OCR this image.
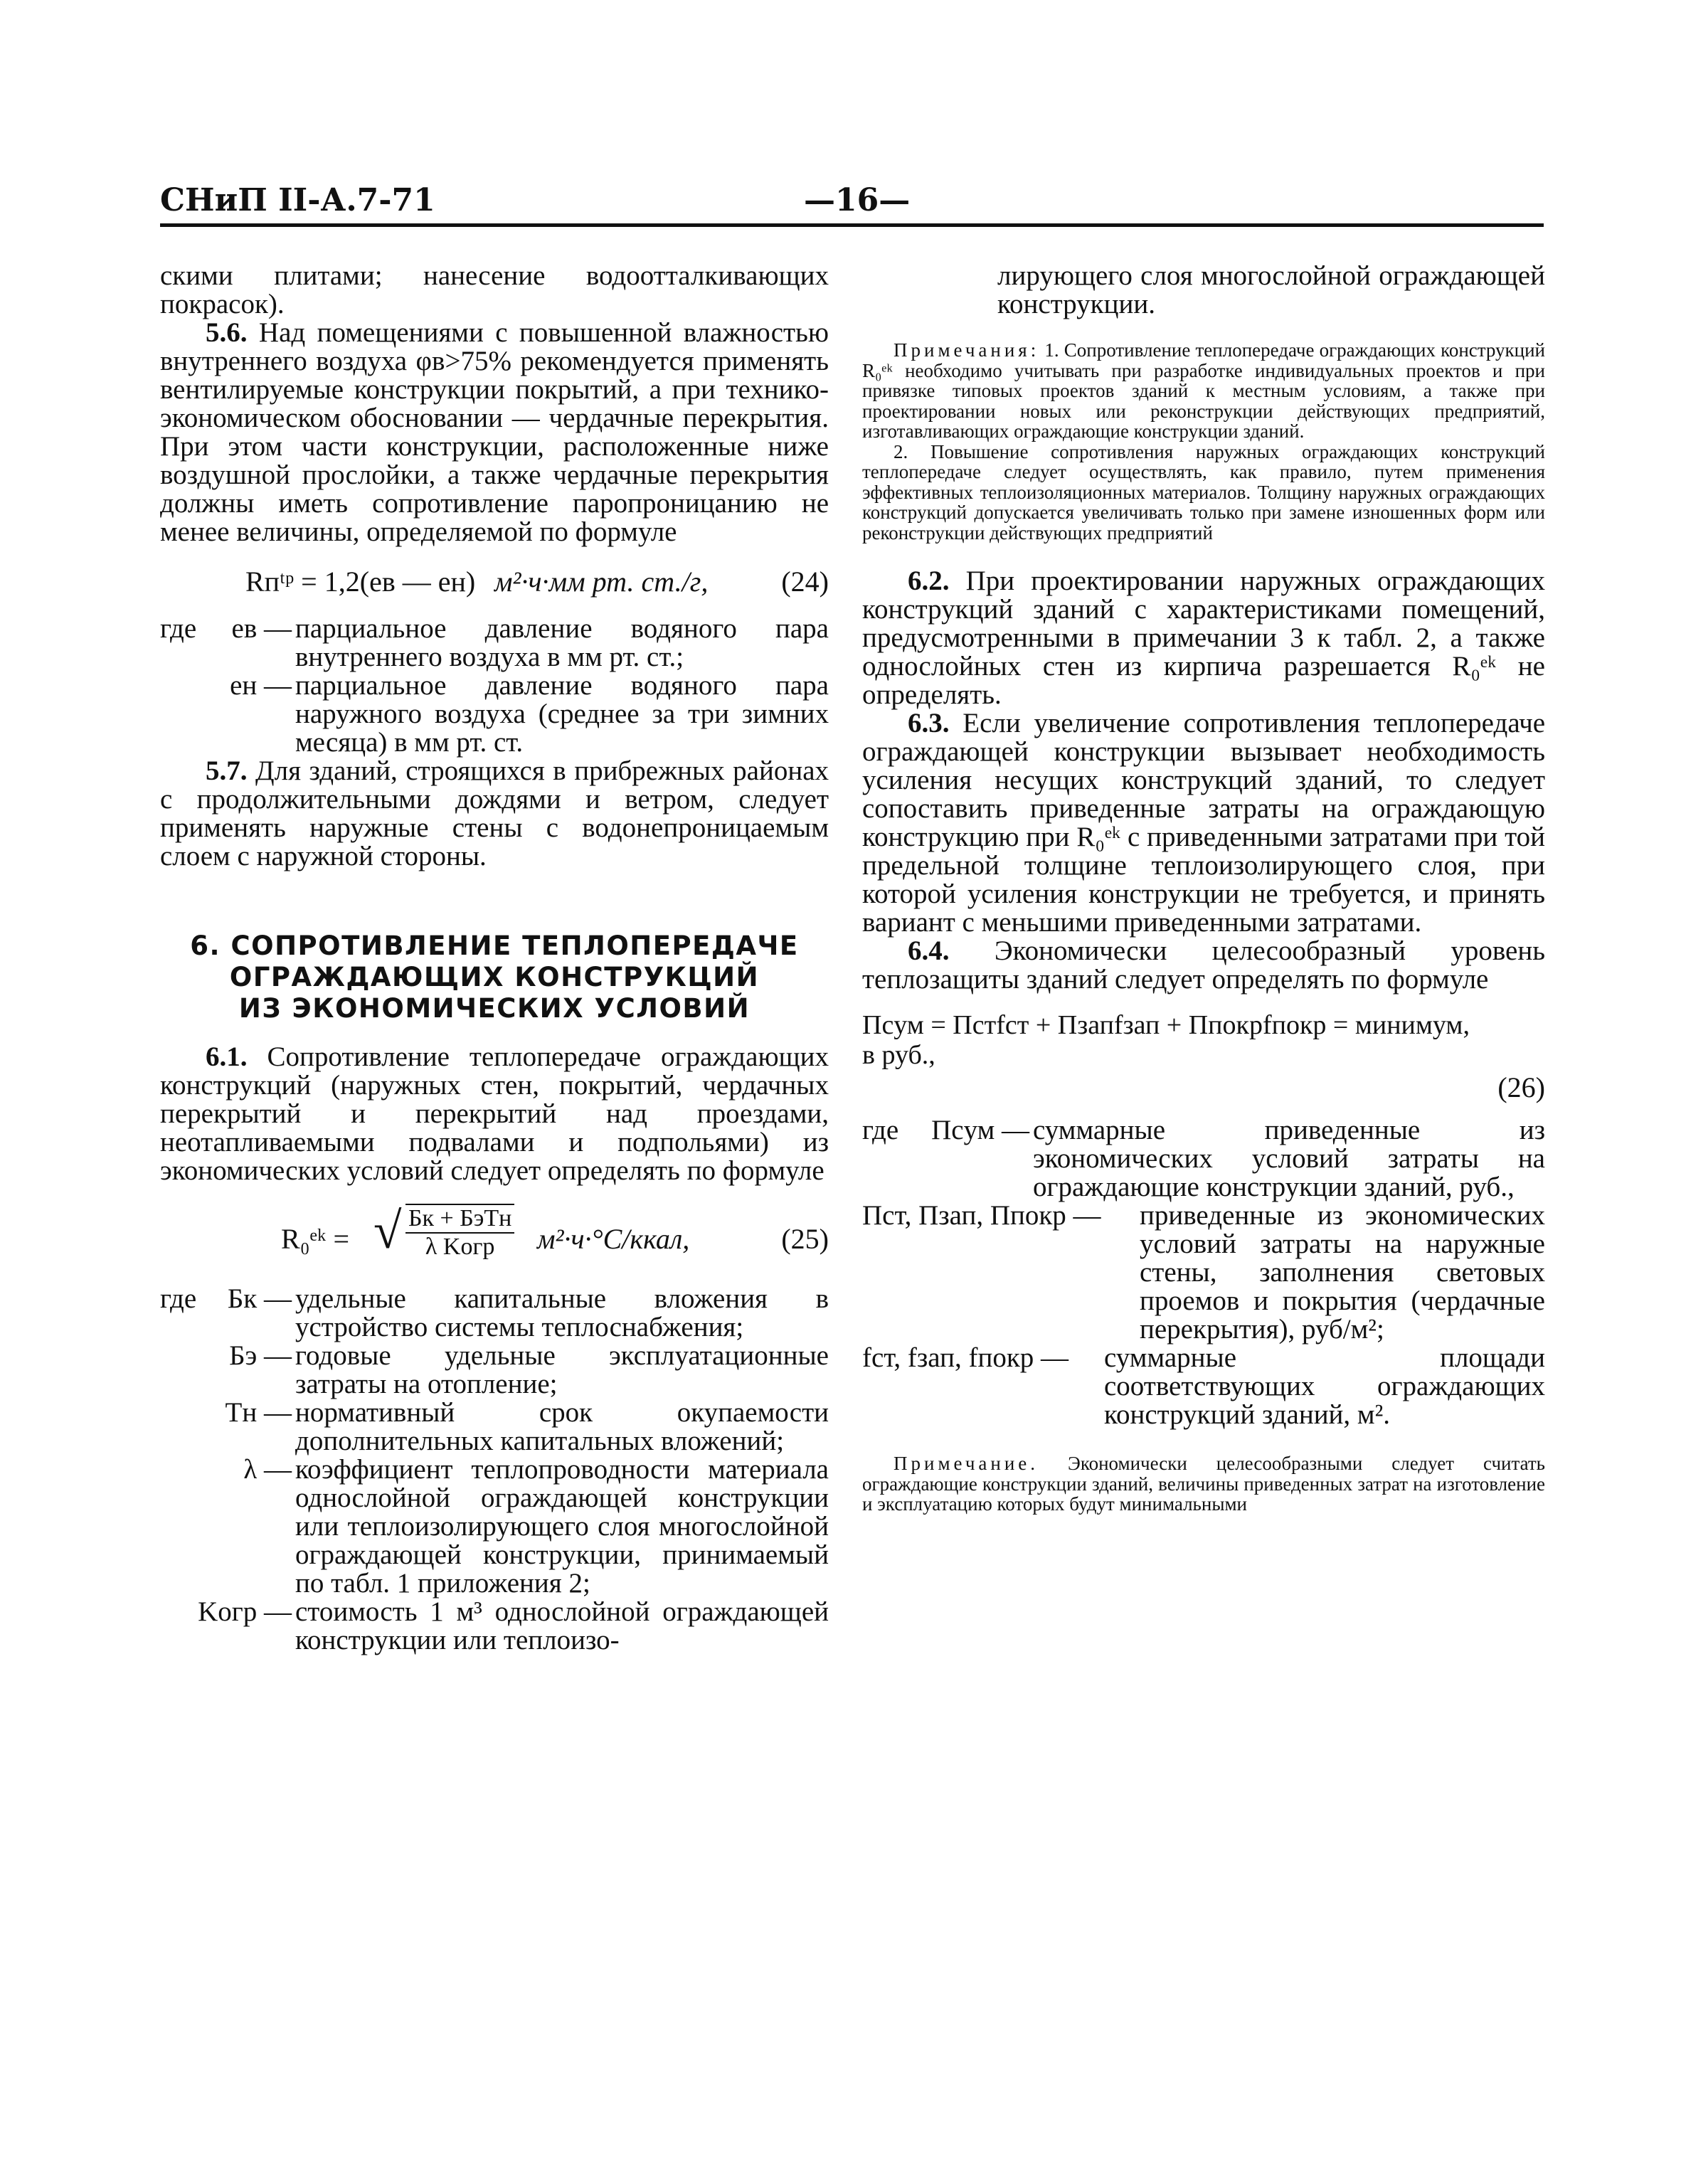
СНиП II-А.7-71	—16—

скими плитами; нанесение водоотталкивающих покрасок).

5.6. Над помещениями с повышенной влажностью внутреннего воздуха φв>75% рекомендуется применять вентилируемые конструкции покрытий, а при технико-экономическом обосновании — чердачные перекрытия. При этом части конструкции, расположенные ниже воздушной прослойки, а также чердачные перекрытия должны иметь сопротивление паропроницанию не менее величины, определяемой по формуле

Rпᵗᵖ = 1,2(eв — eн) м²·ч·мм рт. ст./г,	(24)
где	eв — парциальное давление водяного пара внутреннего воздуха в мм рт. ст.;

eн — парциальное давление водяного пара наружного воздуха (среднее за три зимних месяца) в мм рт. ст.

5.7. Для зданий, строящихся в прибрежных районах с продолжительными дождями и ветром, следует применять наружные стены с водонепроницаемым слоем с наружной стороны.

6. СОПРОТИВЛЕНИЕ ТЕПЛОПЕРЕДАЧЕ

ОГРАЖДАЮЩИХ КОНСТРУКЦИЙ

ИЗ ЭКОНОМИЧЕСКИХ УСЛОВИЙ

6.1. Сопротивление теплопередаче ограждающих конструкций (наружных стен, покрытий, чердачных перекрытий и перекрытий над проездами, неотапливаемыми подвалами и подпольями) из экономических условий следует определять по формуле

R₀ᵉᵏ = √ Бк + БэTн
λ Kогр	м²·ч·°С/ккал,	(25)
где	Бк — удельные капитальные вложения в устройство системы теплоснабжения;

Бэ — годовые удельные эксплуатационные затраты на отопление;

Tн — нормативный срок окупаемости дополнительных капитальных вложений;

λ — коэффициент теплопроводности материала однослойной ограждающей конструкции или теплоизолирующего слоя многослойной ограждающей конструкции, принимаемый по табл. 1 приложения 2;

Kогр — стоимость 1 м³ однослойной ограждающей конструкции или теплоизо-

лирующего слоя многослойной ограждающей конструкции.

Примечания: 1. Сопротивление теплопередаче ограждающих конструкций R₀ᵉᵏ необходимо учитывать при разработке индивидуальных проектов и при привязке типовых проектов зданий к местным условиям, а также при проектировании новых или реконструкции действующих предприятий, изготавливающих ограждающие конструкции зданий.

2. Повышение сопротивления наружных ограждающих конструкций теплопередаче следует осуществлять, как правило, путем применения эффективных теплоизоляционных материалов. Толщину наружных ограждающих конструкций допускается увеличивать только при замене изношенных форм или реконструкции действующих предприятий

6.2. При проектировании наружных ограждающих конструкций зданий с характеристиками помещений, предусмотренными в примечании 3 к табл. 2, а также однослойных стен из кирпича разрешается R₀ᵉᵏ не определять.

6.3. Если увеличение сопротивления теплопередаче ограждающей конструкции вызывает необходимость усиления несущих конструкций зданий, то следует сопоставить приведенные затраты на ограждающую конструкцию при R₀ᵉᵏ с приведенными затратами при той предельной толщине теплоизолирующего слоя, при которой усиления конструкции не требуется, и принять вариант с меньшими приведенными затратами.

6.4. Экономически целесообразный уровень теплозащиты зданий следует определять по формуле

Пcум = Пстfст + Пзапfзап + Ппокрfпокр = минимум,
в руб.,
(26)
где	Пcум — суммарные приведенные из экономических условий затраты на ограждающие конструкции зданий, руб.,

Пст, Пзап, Ппокр —	приведенные из экономических условий затраты на наружные стены, заполнения световых проемов и покрытия (чердачные перекрытия), руб/м²;

fст, fзап, fпокр —	суммарные площади соответствующих ограждающих конструкций зданий, м².

Примечание. Экономически целесообразными следует считать ограждающие конструкции зданий, величины приведенных затрат на изготовление и эксплуатацию которых будут минимальными
